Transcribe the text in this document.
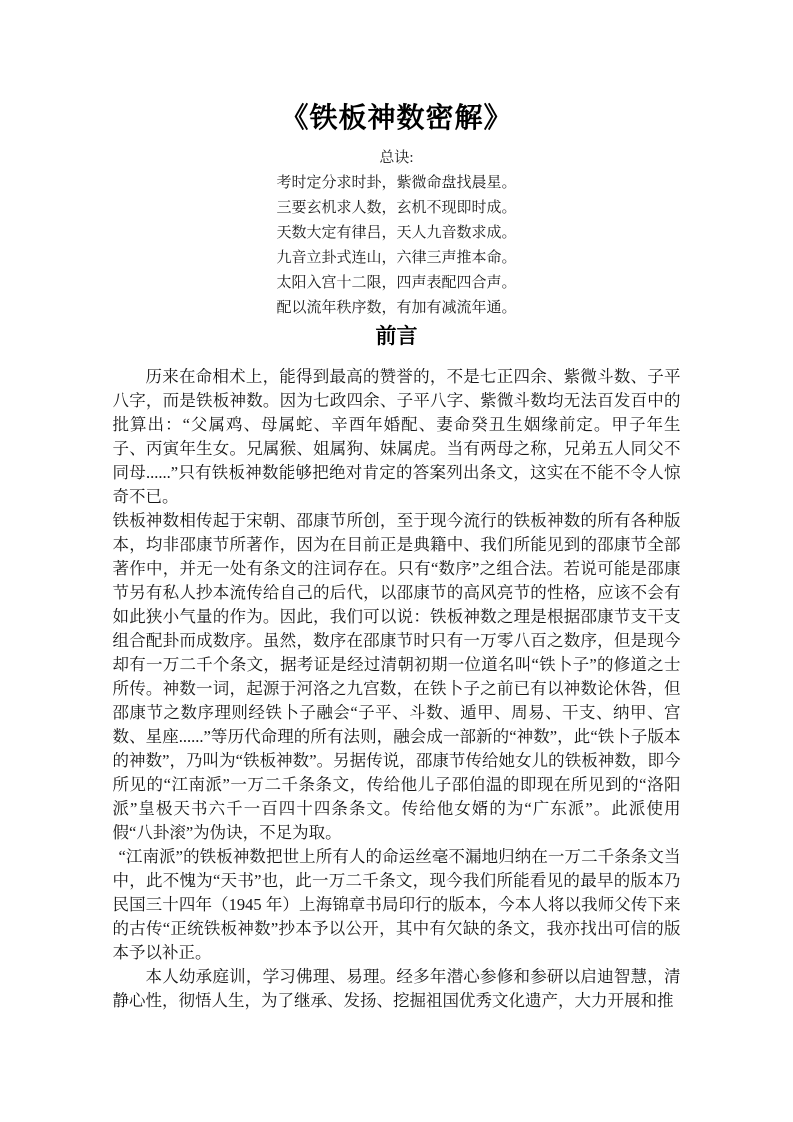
《铁板神数密解》
总诀:
考时定分求时卦，紫微命盘找晨星。
三要玄机求人数，玄机不现即时成。
天数大定有律吕，天人九音数求成。
九音立卦式连山，六律三声推本命。
太阳入宫十二限，四声表配四合声。
配以流年秩序数，有加有减流年通。
前言

历来在命相术上，能得到最高的赞誉的，不是七正四余、紫微斗数、子平八字，而是铁板神数。因为七政四余、子平八字、紫微斗数均无法百发百中的批算出：“父属鸡、母属蛇、辛酉年婚配、妻命癸丑生姻缘前定。甲子年生子、丙寅年生女。兄属猴、姐属狗、妹属虎。当有两母之称，兄弟五人同父不同母......”只有铁板神数能够把绝对肯定的答案列出条文，这实在不能不令人惊奇不已。

铁板神数相传起于宋朝、邵康节所创，至于现今流行的铁板神数的所有各种版本，均非邵康节所著作，因为在目前正是典籍中、我们所能见到的邵康节全部著作中，并无一处有条文的注词存在。只有“数序”之组合法。若说可能是邵康节另有私人抄本流传给自己的后代，以邵康节的高风亮节的性格，应该不会有如此狭小气量的作为。因此，我们可以说：铁板神数之理是根据邵康节支干支组合配卦而成数序。虽然，数序在邵康节时只有一万零八百之数序，但是现今却有一万二千个条文，据考证是经过清朝初期一位道名叫“铁卜子”的修道之士所传。神数一词，起源于河洛之九宫数，在铁卜子之前已有以神数论休咎，但邵康节之数序理则经铁卜子融会“子平、斗数、遁甲、周易、干支、纳甲、宫数、星座......”等历代命理的所有法则，融会成一部新的“神数”，此“铁卜子版本的神数”，乃叫为“铁板神数”。另据传说，邵康节传给她女儿的铁板神数，即今所见的“江南派”一万二千条条文，传给他儿子邵伯温的即现在所见到的“洛阳派”皇极天书六千一百四十四条条文。传给他女婿的为“广东派”。此派使用假“八卦滚”为伪诀，不足为取。

“江南派”的铁板神数把世上所有人的命运丝毫不漏地归纳在一万二千条条文当中，此不愧为“天书”也，此一万二千条文，现今我们所能看见的最早的版本乃民国三十四年（1945 年）上海锦章书局印行的版本，今本人将以我师父传下来的古传“正统铁板神数”抄本予以公开，其中有欠缺的条文，我亦找出可信的版本予以补正。

本人幼承庭训，学习佛理、易理。经多年潜心参修和参研以启迪智慧，清静心性，彻悟人生，为了继承、发扬、挖掘祖国优秀文化遗产，大力开展和推
